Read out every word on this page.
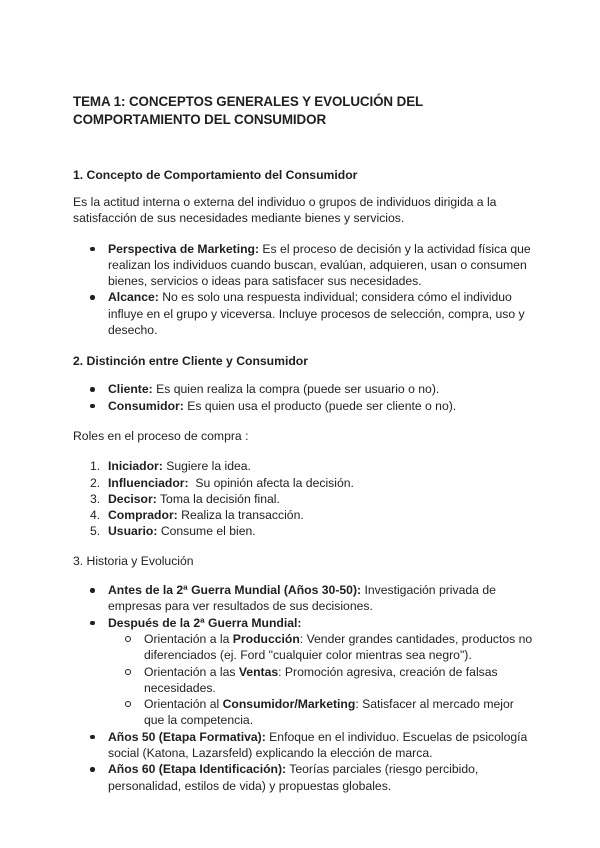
TEMA 1: CONCEPTOS GENERALES Y EVOLUCIÓN DEL COMPORTAMIENTO DEL CONSUMIDOR
1. Concepto de Comportamiento del Consumidor

Es la actitud interna o externa del individuo o grupos de individuos dirigida a la satisfacción de sus necesidades mediante bienes y servicios.

Perspectiva de Marketing: Es el proceso de decisión y la actividad física que realizan los individuos cuando buscan, evalúan, adquieren, usan o consumen bienes, servicios o ideas para satisfacer sus necesidades.
Alcance: No es solo una respuesta individual; considera cómo el individuo influye en el grupo y viceversa. Incluye procesos de selección, compra, uso y desecho.
2. Distinción entre Cliente y Consumidor
Cliente: Es quien realiza la compra (puede ser usuario o no).
Consumidor: Es quien usa el producto (puede ser cliente o no).

Roles en el proceso de compra :

1. Iniciador: Sugiere la idea.
2. Influenciador:  Su opinión afecta la decisión.
3. Decisor: Toma la decisión final.
4. Comprador: Realiza la transacción.
5. Usuario: Consume el bien.

3. Historia y Evolución

Antes de la 2ª Guerra Mundial (Años 30-50): Investigación privada de empresas para ver resultados de sus decisiones.
Después de la 2ª Guerra Mundial:
Orientación a la Producción: Vender grandes cantidades, productos no diferenciados (ej. Ford "cualquier color mientras sea negro").
Orientación a las Ventas: Promoción agresiva, creación de falsas necesidades.
Orientación al Consumidor/Marketing: Satisfacer al mercado mejor que la competencia.
Años 50 (Etapa Formativa): Enfoque en el individuo. Escuelas de psicología social (Katona, Lazarsfeld) explicando la elección de marca.
Años 60 (Etapa Identificación): Teorías parciales (riesgo percibido, personalidad, estilos de vida) y propuestas globales.
